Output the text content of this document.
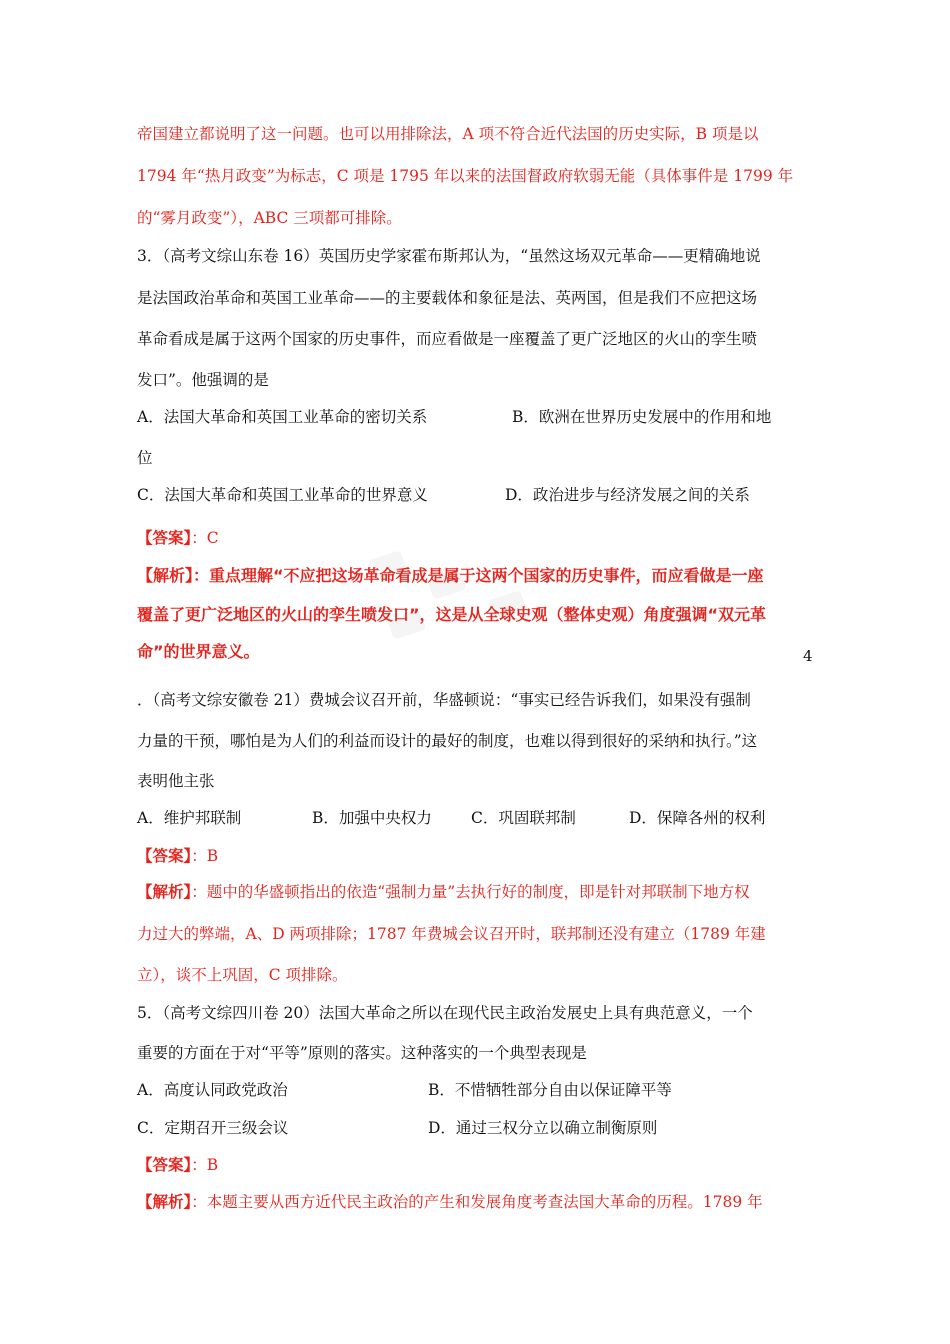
帝国建立都说明了这一问题。也可以用排除法，A 项不符合近代法国的历史实际，B 项是以
1794 年“热月政变”为标志，C 项是 1795 年以来的法国督政府软弱无能（具体事件是 1799 年
的“雾月政变”），ABC 三项都可排除。
3．（高考文综山东卷 16）英国历史学家霍布斯邦认为，“虽然这场双元革命——更精确地说
是法国政治革命和英国工业革命——的主要载体和象征是法、英两国，但是我们不应把这场
革命看成是属于这两个国家的历史事件，而应看做是一座覆盖了更广泛地区的火山的孪生喷
发口”。他强调的是
A．法国大革命和英国工业革命的密切关系	B．欧洲在世界历史发展中的作用和地
位
C．法国大革命和英国工业革命的世界意义	D．政治进步与经济发展之间的关系
【答案】：C
【解析】：重点理解“不应把这场革命看成是属于这两个国家的历史事件，而应看做是一座
覆盖了更广泛地区的火山的孪生喷发口”，这是从全球史观（整体史观）角度强调“双元革
命”的世界意义。	4
．（高考文综安徽卷 21）费城会议召开前，华盛顿说：“事实已经告诉我们，如果没有强制
力量的干预，哪怕是为人们的利益而设计的最好的制度，也难以得到很好的采纳和执行。”这
表明他主张
A．维护邦联制	B．加强中央权力	C．巩固联邦制	D．保障各州的权利
【答案】：B
【解析】：题中的华盛顿指出的依造“强制力量”去执行好的制度，即是针对邦联制下地方权
力过大的弊端，A、D 两项排除；1787 年费城会议召开时，联邦制还没有建立（1789 年建
立），谈不上巩固，C 项排除。
5．（高考文综四川卷 20）法国大革命之所以在现代民主政治发展史上具有典范意义，一个
重要的方面在于对“平等”原则的落实。这种落实的一个典型表现是
A．高度认同政党政治	B．不惜牺牲部分自由以保证障平等
C．定期召开三级会议	D．通过三权分立以确立制衡原则
【答案】：B
【解析】：本题主要从西方近代民主政治的产生和发展角度考查法国大革命的历程。1789 年
